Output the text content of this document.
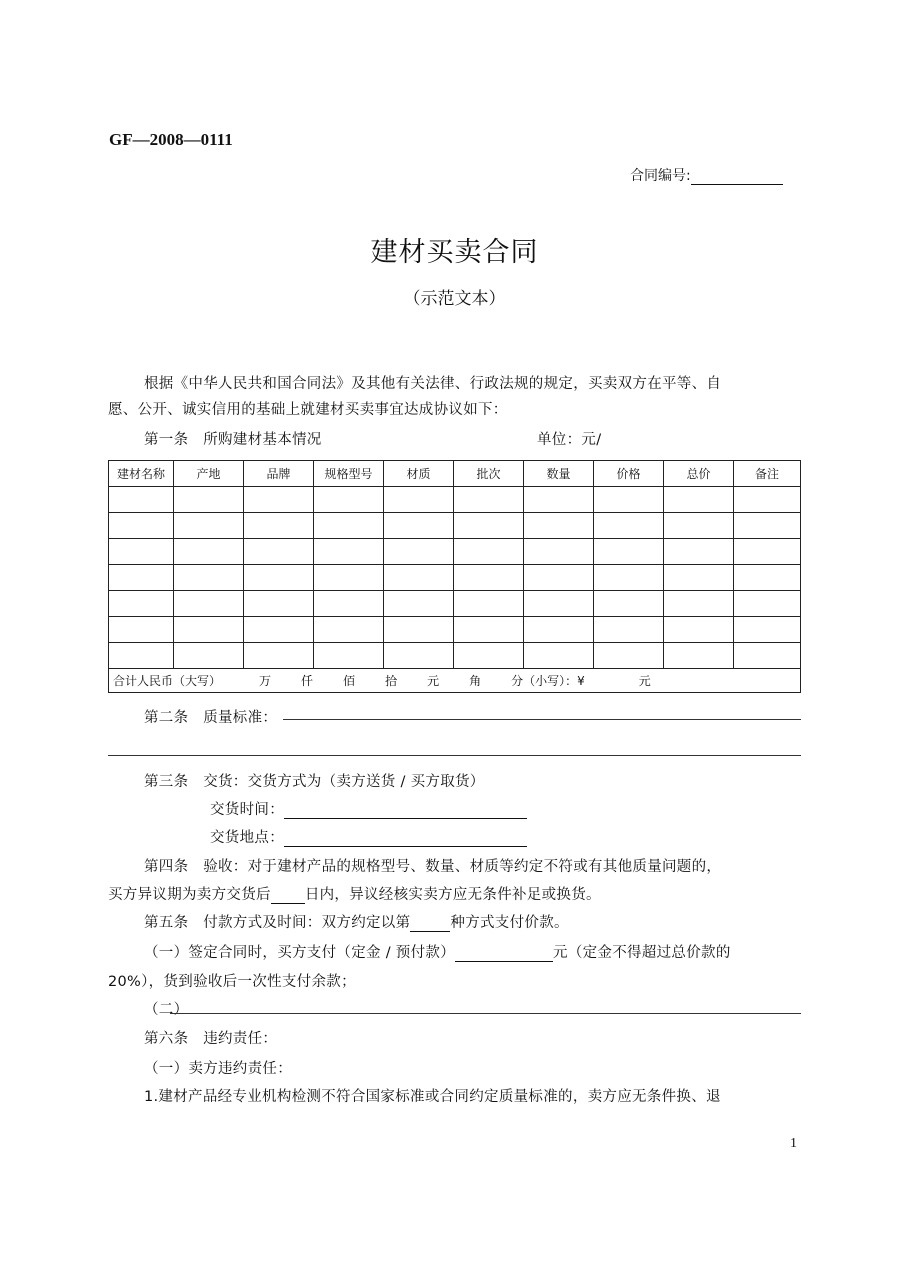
GF—2008—0111
合同编号:
建材买卖合同
（示范文本）
根据《中华人民共和国合同法》及其他有关法律、行政法规的规定，买卖双方在平等、自
愿、公开、诚实信用的基础上就建材买卖事宜达成协议如下：
第一条　所购建材基本情况	单位：元/
建材名称	产地	品牌	规格型号	材质	批次	数量	价格	总价	备注

合计人民币（大写） 万 仟 佰 拾 元 角 分（小写）：¥ 元									
第二条　质量标准：
第三条　交货：交货方式为（卖方送货 / 买方取货）
交货时间：
交货地点：
第四条　验收：对于建材产品的规格型号、数量、材质等约定不符或有其他质量问题的，
买方异议期为卖方交货后 日内，异议经核实卖方应无条件补足或换货。
第五条　付款方式及时间：双方约定以第	种方式支付价款。
（一）签定合同时，买方支付（定金 / 预付款）	元（定金不得超过总价款的
20%），货到验收后一次性支付余款；
（二）
第六条　违约责任：
（一）卖方违约责任：
1.建材产品经专业机构检测不符合国家标准或合同约定质量标准的，卖方应无条件换、退
1
